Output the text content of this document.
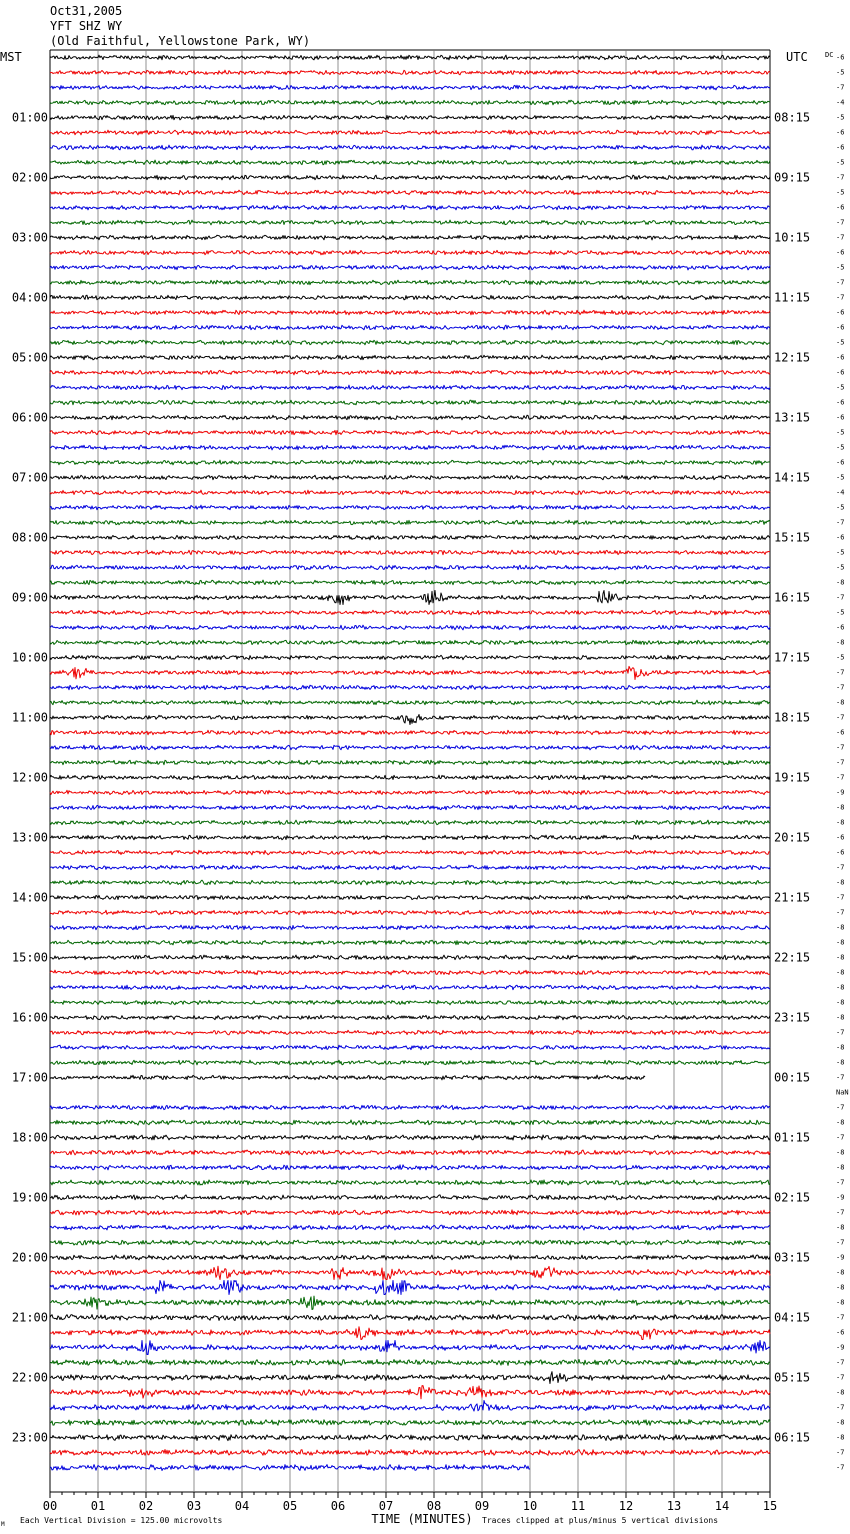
Oct31,2005
YFT SHZ WY
(Old Faithful, Yellowstone Park, WY)
00	01	02	03	04	05	06	07	08	09	10	11	12	13	14	15
TIME (MINUTES)
MST	UTC DC
Each Vertical Division = 125.00 microvolts	Traces clipped at plus/minus 5 vertical divisions
M
01:00	08:15
02:00	09:15
03:00	10:15
04:00	11:15
05:00	12:15
06:00	13:15
07:00	14:15
08:00	15:15
09:00	16:15
10:00	17:15
11:00	18:15
12:00	19:15
13:00	20:15
14:00	21:15
15:00	22:15
16:00	23:15
17:00	00:15
18:00	01:15
19:00	02:15
20:00	03:15
21:00	04:15
22:00	05:15
23:00	06:15
-6
-5
-7
-4
-5
-6
-6
-5
-7
-5
-6
-7
-7
-6
-5
-7
-7
-6
-6
-5
-6
-6
-5
-6
-6
-5
-5
-6
-5
-4
-5
-7
-6
-5
-5
-8
-7
-5
-6
-8
-5
-7
-7
-8
-7
-6
-7
-7
-7
-9
-8
-8
-6
-6
-7
-8
-7
-7
-8
-8
-8
-8
-8
-8
-8
-7
-8
-8
-7
NaN
-7
-8
-7
-8
-8
-7
-9
-7
-8
-7
-9
-8
-8
-8
-7
-6
-9
-7
-7
-8
-7
-8
-8
-7
-7
